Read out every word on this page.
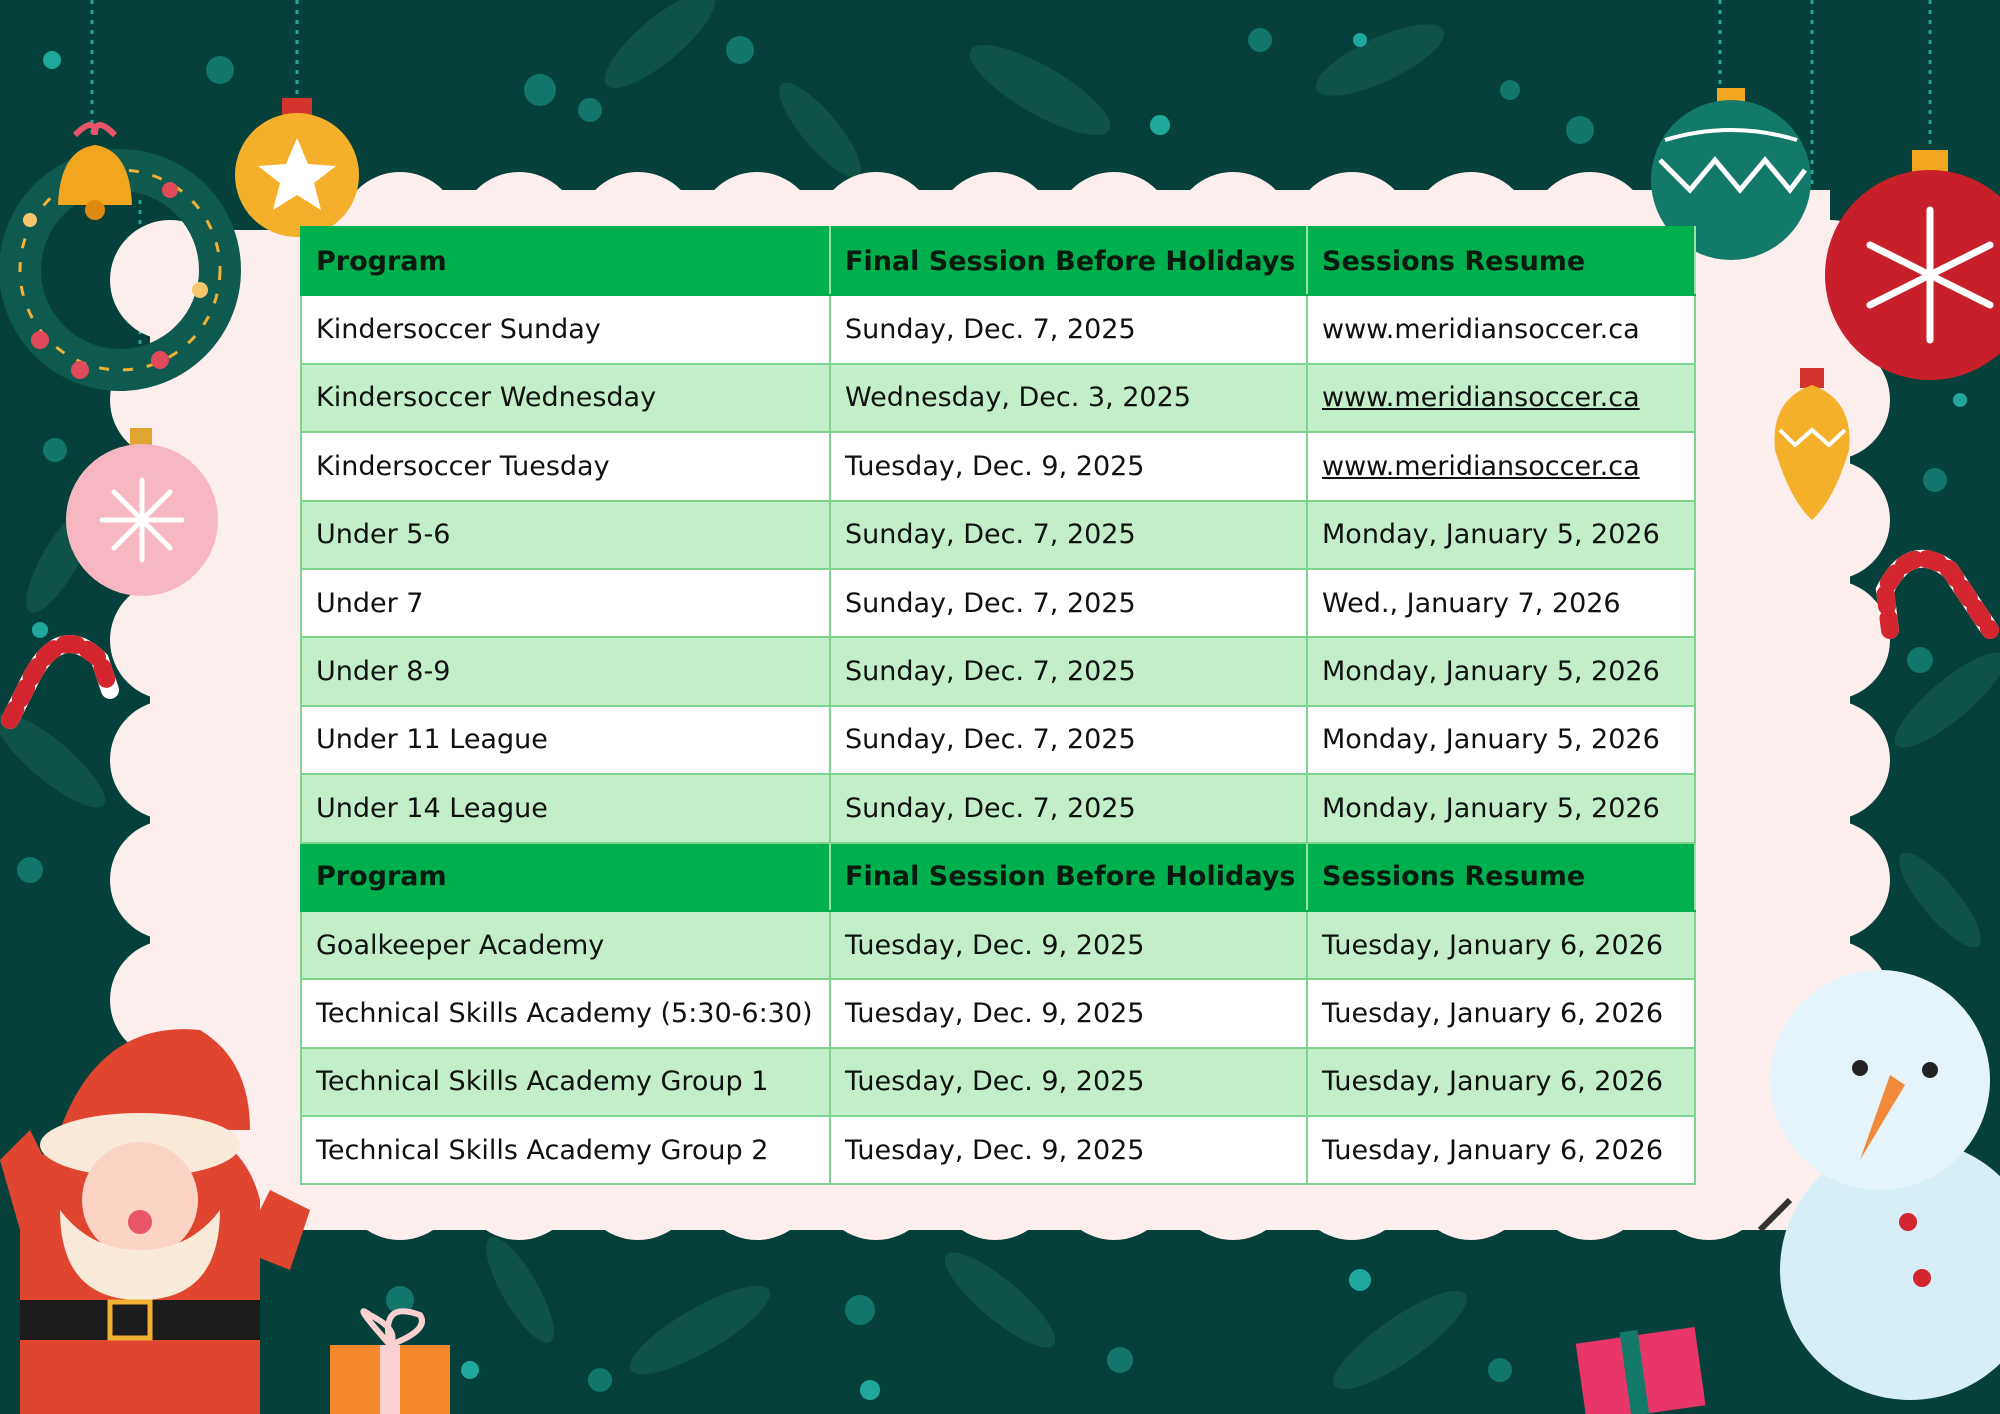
Program	Final Session Before Holidays	Sessions Resume
Kindersoccer Sunday	Sunday, Dec. 7, 2025	www.meridiansoccer.ca
Kindersoccer Wednesday	Wednesday, Dec. 3, 2025	www.meridiansoccer.ca
Kindersoccer Tuesday	Tuesday, Dec. 9, 2025	www.meridiansoccer.ca
Under 5-6	Sunday, Dec. 7, 2025	Monday, January 5, 2026
Under 7	Sunday, Dec. 7, 2025	Wed., January 7, 2026
Under 8-9	Sunday, Dec. 7, 2025	Monday, January 5, 2026
Under 11 League	Sunday, Dec. 7, 2025	Monday, January 5, 2026
Under 14 League	Sunday, Dec. 7, 2025	Monday, January 5, 2026
Program	Final Session Before Holidays	Sessions Resume
Goalkeeper Academy	Tuesday, Dec. 9, 2025	Tuesday, January 6, 2026
Technical Skills Academy (5:30-6:30)	Tuesday, Dec. 9, 2025	Tuesday, January 6, 2026
Technical Skills Academy Group 1	Tuesday, Dec. 9, 2025	Tuesday, January 6, 2026
Technical Skills Academy Group 2	Tuesday, Dec. 9, 2025	Tuesday, January 6, 2026
